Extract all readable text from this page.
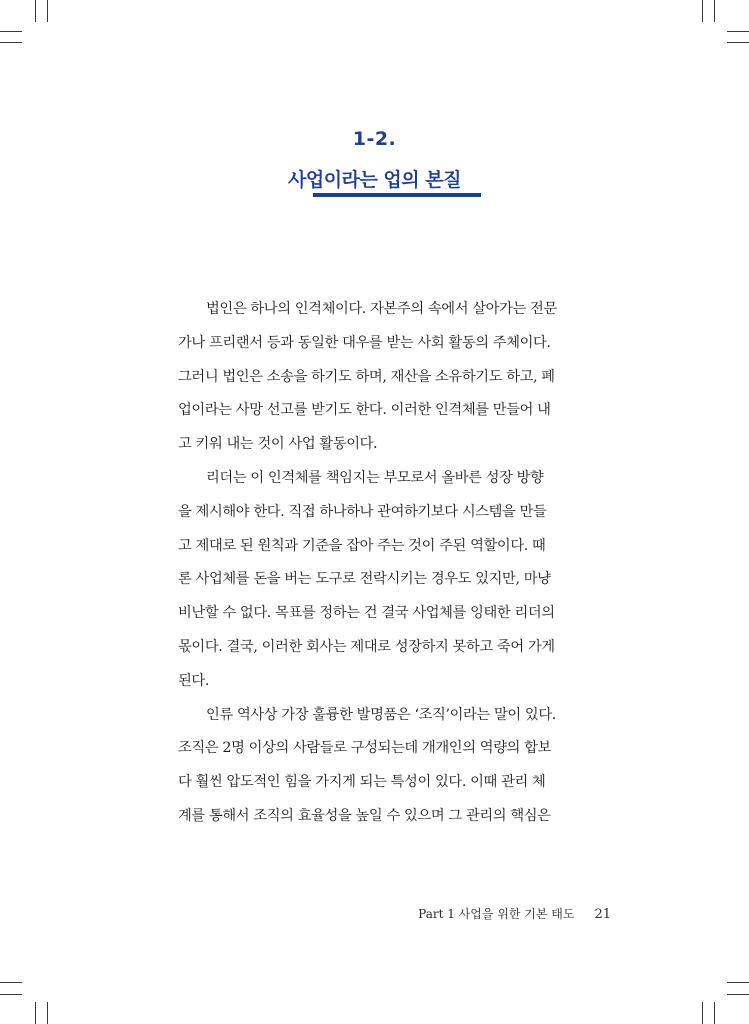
1-2.
사업이라는 업의 본질
법인은 하나의 인격체이다. 자본주의 속에서 살아가는 전문
가나 프리랜서 등과 동일한 대우를 받는 사회 활동의 주체이다.
그러니 법인은 소송을 하기도 하며, 재산을 소유하기도 하고, 폐
업이라는 사망 선고를 받기도 한다. 이러한 인격체를 만들어 내
고 키워 내는 것이 사업 활동이다.
리더는 이 인격체를 책임지는 부모로서 올바른 성장 방향
을 제시해야 한다. 직접 하나하나 관여하기보다 시스템을 만들
고 제대로 된 원칙과 기준을 잡아 주는 것이 주된 역할이다. 때
론 사업체를 돈을 버는 도구로 전락시키는 경우도 있지만, 마냥
비난할 수 없다. 목표를 정하는 건 결국 사업체를 잉태한 리더의
몫이다. 결국, 이러한 회사는 제대로 성장하지 못하고 죽어 가게
된다.
인류 역사상 가장 훌륭한 발명품은 ‘조직’이라는 말이 있다.
조직은 2명 이상의 사람들로 구성되는데 개개인의 역량의 합보
다 훨씬 압도적인 힘을 가지게 되는 특성이 있다. 이때 관리 체
계를 통해서 조직의 효율성을 높일 수 있으며 그 관리의 핵심은
Part 1 사업을 위한 기본 태도 21
